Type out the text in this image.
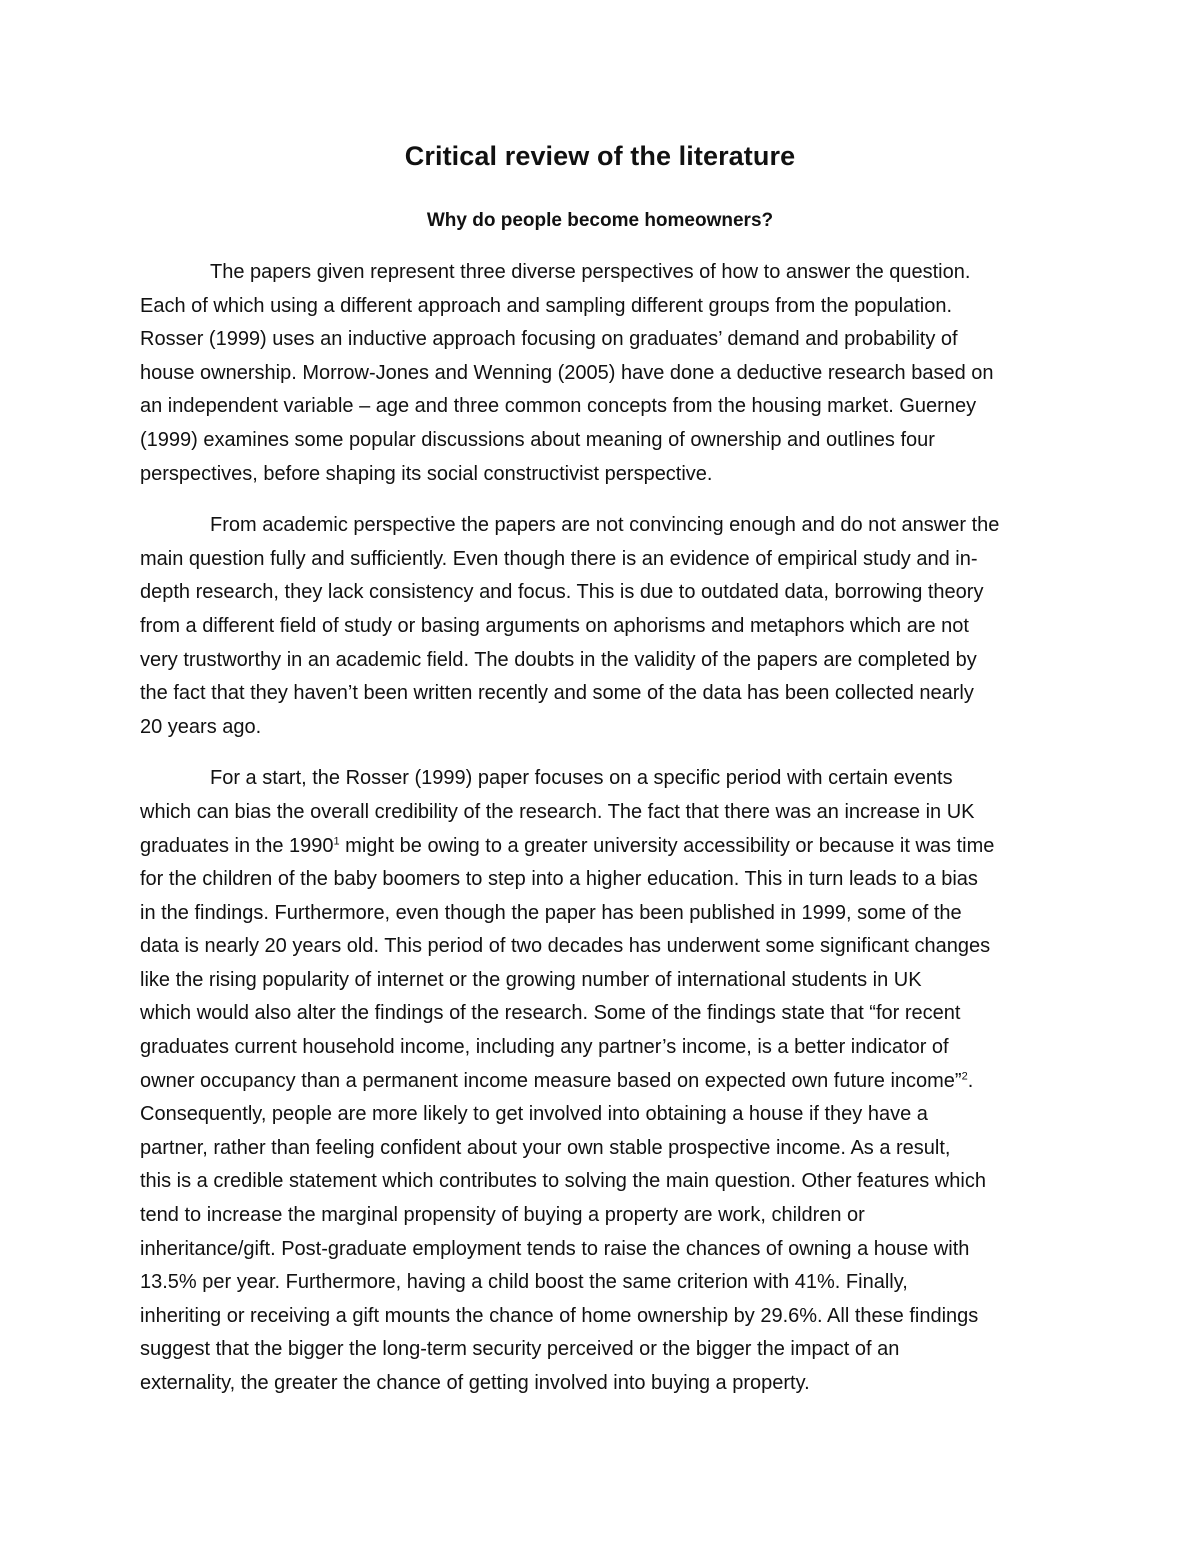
Critical review of the literature
Why do people become homeowners?
The papers given represent three diverse perspectives of how to answer the question.
Each of which using a different approach and sampling different groups from the population.
Rosser (1999) uses an inductive approach focusing on graduates’ demand and probability of
house ownership. Morrow-Jones and Wenning (2005) have done a deductive research based on
an independent variable – age and three common concepts from the housing market. Guerney
(1999) examines some popular discussions about meaning of ownership and outlines four
perspectives, before shaping its social constructivist perspective.
From academic perspective the papers are not convincing enough and do not answer the
main question fully and sufficiently. Even though there is an evidence of empirical study and in-
depth research, they lack consistency and focus. This is due to outdated data, borrowing theory
from a different field of study or basing arguments on aphorisms and metaphors which are not
very trustworthy in an academic field. The doubts in the validity of the papers are completed by
the fact that they haven’t been written recently and some of the data has been collected nearly
20 years ago.
For a start, the Rosser (1999) paper focuses on a specific period with certain events
which can bias the overall credibility of the research. The fact that there was an increase in UK
graduates in the 1990$^1$ might be owing to a greater university accessibility or because it was time
for the children of the baby boomers to step into a higher education. This in turn leads to a bias
in the findings. Furthermore, even though the paper has been published in 1999, some of the
data is nearly 20 years old. This period of two decades has underwent some significant changes
like the rising popularity of internet or the growing number of international students in UK
which would also alter the findings of the research. Some of the findings state that “for recent
graduates current household income, including any partner’s income, is a better indicator of
owner occupancy than a permanent income measure based on expected own future income”$^2$.
Consequently, people are more likely to get involved into obtaining a house if they have a
partner, rather than feeling confident about your own stable prospective income. As a result,
this is a credible statement which contributes to solving the main question. Other features which
tend to increase the marginal propensity of buying a property are work, children or
inheritance/gift. Post-graduate employment tends to raise the chances of owning a house with
13.5% per year. Furthermore, having a child boost the same criterion with 41%. Finally,
inheriting or receiving a gift mounts the chance of home ownership by 29.6%. All these findings
suggest that the bigger the long-term security perceived or the bigger the impact of an
externality, the greater the chance of getting involved into buying a property.
